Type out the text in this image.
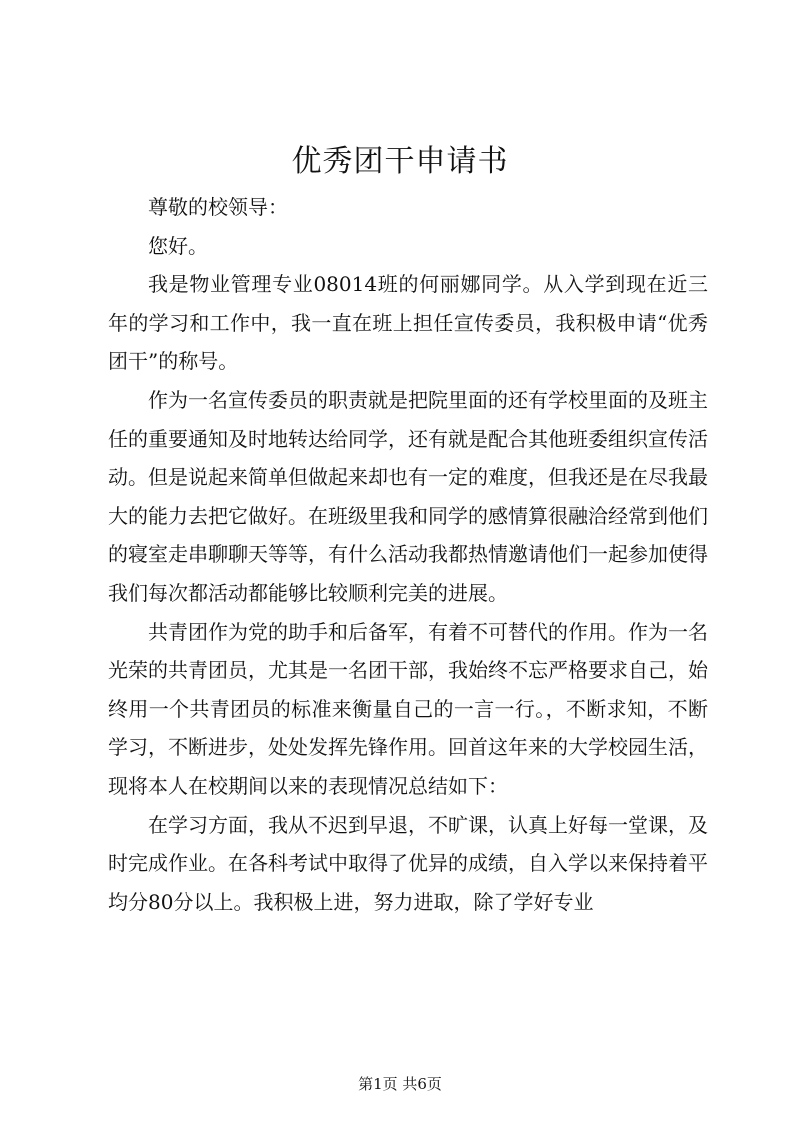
优秀团干申请书

尊敬的校领导：

您好。

我是物业管理专业08014班的何丽娜同学。从入学到现在近三年的学习和工作中，我一直在班上担任宣传委员，我积极申请“优秀团干”的称号。

作为一名宣传委员的职责就是把院里面的还有学校里面的及班主任的重要通知及时地转达给同学，还有就是配合其他班委组织宣传活动。但是说起来简单但做起来却也有一定的难度，但我还是在尽我最大的能力去把它做好。在班级里我和同学的感情算很融洽经常到他们的寝室走串聊聊天等等，有什么活动我都热情邀请他们一起参加使得我们每次都活动都能够比较顺利完美的进展。

共青团作为党的助手和后备军，有着不可替代的作用。作为一名光荣的共青团员，尤其是一名团干部，我始终不忘严格要求自己，始终用一个共青团员的标准来衡量自己的一言一行。，不断求知，不断学习，不断进步，处处发挥先锋作用。回首这年来的大学校园生活，现将本人在校期间以来的表现情况总结如下：

在学习方面，我从不迟到早退，不旷课，认真上好每一堂课，及时完成作业。在各科考试中取得了优异的成绩，自入学以来保持着平均分80分以上。我积极上进，努力进取，除了学好专业

第1页 共6页
